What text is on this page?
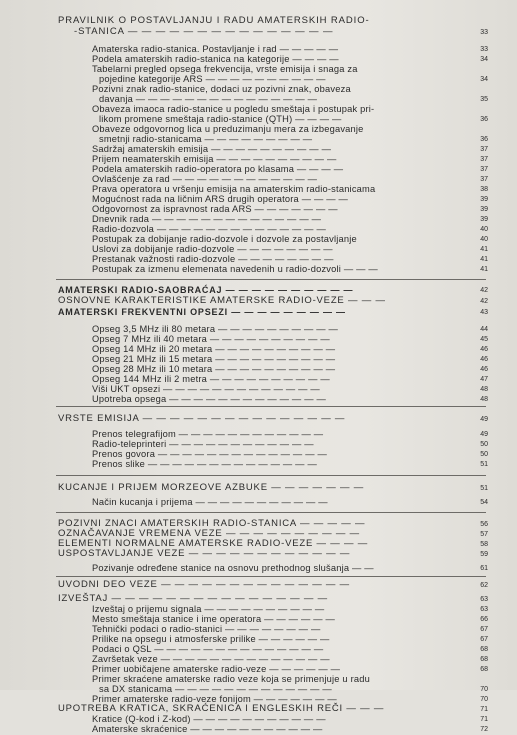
PRAVILNIK O POSTAVLJANJU I RADU AMATERSKIH RADIO-
-STANICA — — — — — — — — — — — — — — —	33
Amaterska radio-stanica. Postavljanje i rad — — — — —	33
Podela amaterskih radio-stanica na kategorije — — — —	34
Tabelarni pregled opsega frekvencija, vrste emisija i snaga za
pojedine kategorije ARS — — — — — — — — — —	34
Pozivni znak radio-stanice, dodaci uz pozivni znak, obaveza
davanja — — — — — — — — — — — — — — —	35
Obaveza imaoca radio-stanice u pogledu smeštaja i postupak pri-
likom promene smeštaja radio-stanice (QTH) — — — —	36
Obaveze odgovornog lica u preduzimanju mera za izbegavanje
smetnji radio-stanicama — — — — — — — — —	36
Sadržaj amaterskih emisija — — — — — — — — — —	37
Prijem neamaterskih emisija — — — — — — — — — —	37
Podela amaterskih radio-operatora po klasama — — — —	37
Ovlašćenje za rad — — — — — — — — — — — —	37
Prava operatora u vršenju emisija na amaterskim radio-stanicama	38
Mogućnost rada na ličnim ARS drugih operatora — — — —	39
Odgovornost za ispravnost rada ARS — — — — — — —	39
Dnevnik rada — — — — — — — — — — — — — —	39
Radio-dozvola — — — — — — — — — — — — — —	40
Postupak za dobijanje radio-dozvole i dozvole za postavljanje	40
Uslovi za dobijanje radio-dozvole — — — — — — — —	41
Prestanak važnosti radio-dozvole — — — — — — — —	41
Postupak za izmenu elemenata navedenih u radio-dozvoli — — —	41
AMATERSKI RADIO-SAOBRAĆAJ — — — — — — — — — —	42
OSNOVNE KARAKTERISTIKE AMATERSKE RADIO-VEZE — — —	42
AMATERSKI FREKVENTNI OPSEZI — — — — — — — — —	43
Opseg 3,5 MHz ili 80 metara — — — — — — — — — —	44
Opseg 7 MHz ili 40 metara — — — — — — — — — —	45
Opseg 14 MHz ili 20 metara — — — — — — — — — —	46
Opseg 21 MHz ili 15 metara — — — — — — — — — —	46
Opseg 28 MHz ili 10 metara — — — — — — — — — —	46
Opseg 144 MHz ili 2 metra — — — — — — — — — —	47
Viši UKT opsezi — — — — — — — — — — — — —	48
Upotreba opsega — — — — — — — — — — — — —	48
VRSTE EMISIJA — — — — — — — — — — — — — — —	49
Prenos telegrafijom — — — — — — — — — — — —	49
Radio-teleprinteri — — — — — — — — — — — —	50
Prenos govora — — — — — — — — — — — — — —	50
Prenos slike — — — — — — — — — — — — — —	51
KUCANJE I PRIJEM MORZEOVE AZBUKE — — — — — — —	51
Način kucanja i prijema — — — — — — — — — — —	54
POZIVNI ZNACI AMATERSKIH RADIO-STANICA — — — — —	56
OZNAČAVANJE VREMENA VEZE — — — — — — — — — —	57
ELEMENTI NORMALNE AMATERSKE RADIO-VEZE — — — —	58
USPOSTAVLJANJE VEZE — — — — — — — — — — — —	59
Pozivanje određene stanice na osnovu prethodnog slušanja — —	61
UVODNI DEO VEZE — — — — — — — — — — — — — —	62
IZVEŠTAJ — — — — — — — — — — — — — — — —	63
Izveštaj o prijemu signala — — — — — — — — — —	63
Mesto smeštaja stanice i ime operatora — — — — — —	66
Tehnički podaci o radio-stanici — — — — — — — —	67
Prilike na opsegu i atmosferske prilike — — — — — —	67
Podaci o QSL — — — — — — — — — — — — — —	68
Završetak veze — — — — — — — — — — — — — —	68
Primer uobičajene amaterske radio-veze — — — — — —	68
Primer skraćene amaterske radio veze koja se primenjuje u radu
sa DX stanicama — — — — — — — — — — — — —	70
Primer amaterske radio-veze fonijom — — — — — — —	70
UPOTREBA KRATICA, SKRAĆENICA I ENGLESKIH REČI — — —	71
Kratice (Q-kod i Z-kod) — — — — — — — — — — —	71
Amaterske skraćenice — — — — — — — — — — —	72
